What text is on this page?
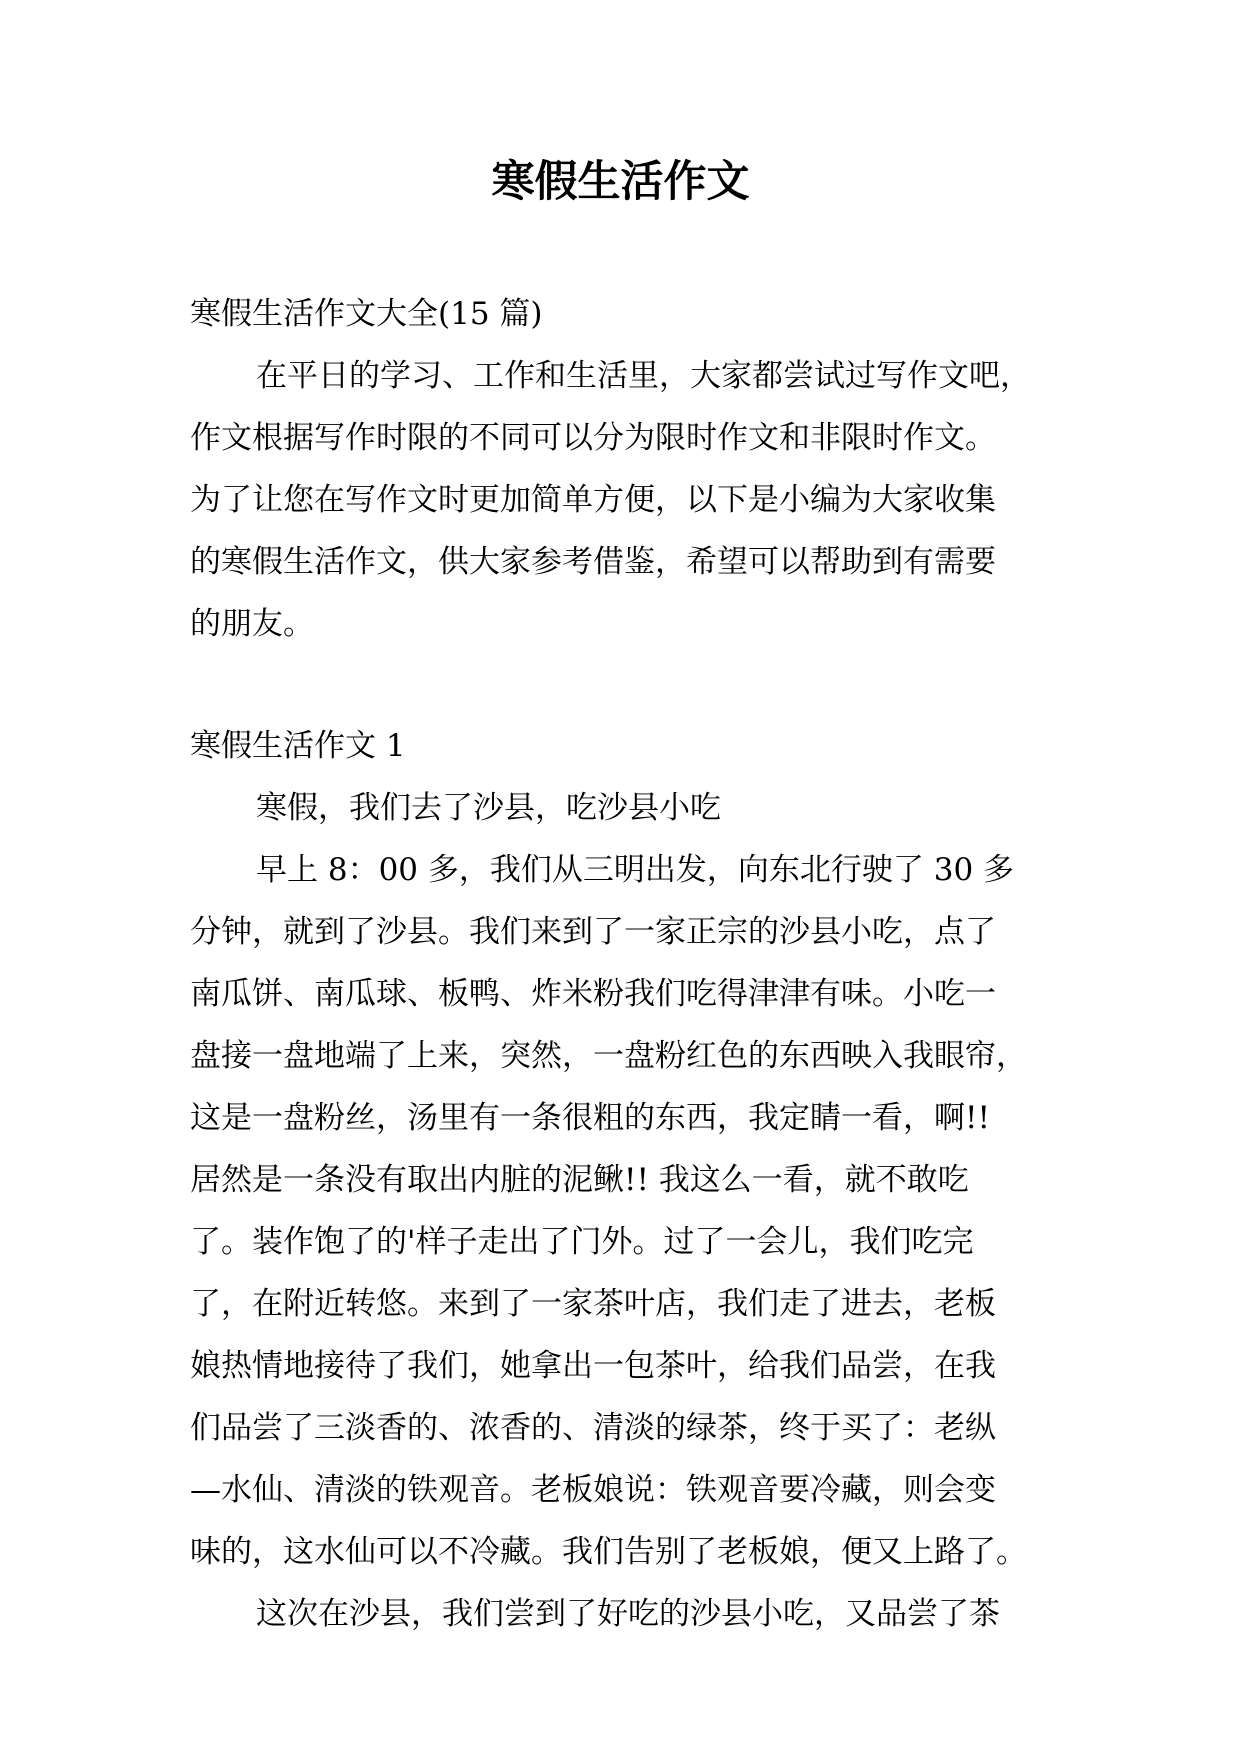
寒假生活作文
寒假生活作文大全(15 篇)
在平日的学习、工作和生活里，大家都尝试过写作文吧，
作文根据写作时限的不同可以分为限时作文和非限时作文。
为了让您在写作文时更加简单方便，以下是小编为大家收集
的寒假生活作文，供大家参考借鉴，希望可以帮助到有需要
的朋友。
寒假生活作文 1
寒假，我们去了沙县，吃沙县小吃
早上 8：00 多，我们从三明出发，向东北行驶了 30 多
分钟，就到了沙县。我们来到了一家正宗的沙县小吃，点了
南瓜饼、南瓜球、板鸭、炸米粉我们吃得津津有味。小吃一
盘接一盘地端了上来，突然，一盘粉红色的东西映入我眼帘，
这是一盘粉丝，汤里有一条很粗的东西，我定睛一看，啊!!
居然是一条没有取出内脏的泥鳅!! 我这么一看，就不敢吃
了。装作饱了的'样子走出了门外。过了一会儿，我们吃完
了，在附近转悠。来到了一家茶叶店，我们走了进去，老板
娘热情地接待了我们，她拿出一包茶叶，给我们品尝，在我
们品尝了三淡香的、浓香的、清淡的绿茶，终于买了：老纵
—水仙、清淡的铁观音。老板娘说：铁观音要冷藏，则会变
味的，这水仙可以不冷藏。我们告别了老板娘，便又上路了。
这次在沙县，我们尝到了好吃的沙县小吃，又品尝了茶
